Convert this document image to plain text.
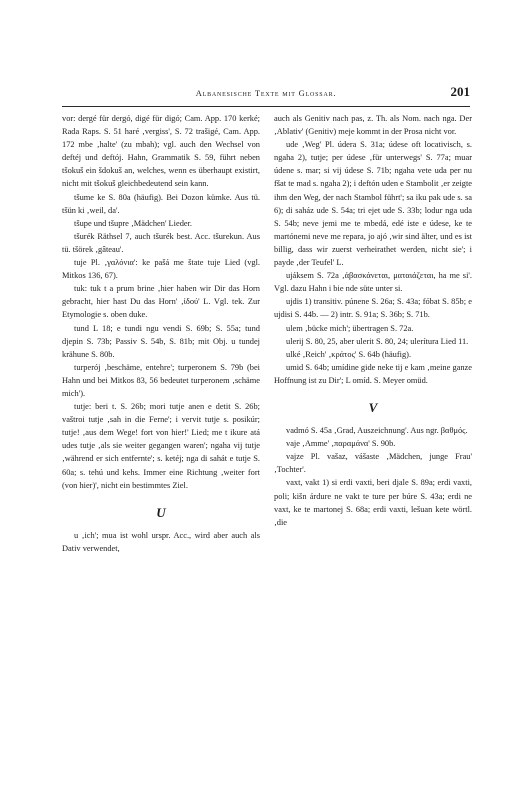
Albanesische Texte mit Glossar.	201

vor: dergé für dergó, digé für digó; Cam. App. 170 kerké; Rada Raps. S. 51 haré ‚vergiss', S. 72 trašigé, Cam. App. 172 mbe ‚halte' (zu mbah); vgl. auch den Wechsel von deftéj und deftój. Hahn, Grammatik S. 59, führt neben tšokuš ein šdokuš an, welches, wenn es überhaupt existirt, nicht mit tšokuš gleichbedeutend sein kann.

tšume ke S. 80a (häufig). Bei Dozon kümke. Aus tü. tšün ki ‚weil, da'.

tšupe und tšupre ‚Mädchen' Lieder.

tšurék Räthsel 7, auch tšurék best. Acc. tšurekun. Aus tü. tšörek ‚gâteau'.

tuje Pl. ‚γαλόνια': ke pašá me štate tuje Lied (vgl. Mitkos 136, 67).

tuk: tuk t a prum brine ‚hier haben wir Dir das Horn gebracht, hier hast Du das Horn' ‚ἰδού' L. Vgl. tek. Zur Etymologie s. oben duke.

tund L 18; e tundi ngu vendi S. 69b; S. 55a; tund djepin S. 73b; Passiv S. 54b, S. 81b; mit Obj. u tundej krähune S. 80b.

turperój ‚beschäme, entehre'; turperonem S. 79b (bei Hahn und bei Mitkos 83, 56 bedeutet turperonem ‚schäme mich').

tutje: beri t. S. 26b; mori tutje anen e detit S. 26b; vaštroi tutje ‚sah in die Ferne'; i vervit tutje s. posikúr; tutje! ‚aus dem Wege! fort von hier!' Lied; me t ikure atá udes tutje ‚als sie weiter gegangen waren'; ngaha vij tutje ‚während er sich entfernte'; s. ketéj; nga di sahát e tutje S. 60a; s. tehú und kehs. Immer eine Richtung ‚weiter fort (von hier)', nicht ein bestimmtes Ziel.

U

u ‚ich'; mua ist wohl urspr. Acc., wird aber auch als Dativ verwendet,

auch als Genitiv nach pas, z. Th. als Nom. nach nga. Der ‚Ablativ' (Genitiv) meje kommt in der Prosa nicht vor.

ude ‚Weg' Pl. údera S. 31a; údese oft locativisch, s. ngaha 2), tutje; per údese ‚für unterwegs' S. 77a; muar údene s. mar; si vij údese S. 71b; ngaha vete uda per nu fšat te mad s. ngaha 2); i deftón uden e Stambolit ‚er zeigte ihm den Weg, der nach Stambol führt'; sa iku pak ude s. sa 6); di saház ude S. 54a; tri ejet ude S. 33b; lodur nga uda S. 54b; neve jemi me te mbedá, edé iste e údese, ke te martónemi neve me repara, jo ajó ‚wir sind älter, und es ist billig, dass wir zuerst verheirathet werden, nicht sie'; i payde ‚der Teufel' L.

ujáksem S. 72a ‚ἀβασκάνεται, ματαιάζεται, ha me si'. Vgl. dazu Hahn i bie nde süte unter si.

ujdis 1) transitiv. púnene S. 26a; S. 43a; fóbat S. 85b; e ujdisi S. 44b. — 2) intr. S. 91a; S. 36b; S. 71b.

ulem ‚bücke mich'; übertragen S. 72a.

ulerij S. 80, 25, aber ulerit S. 80, 24; ulerítura Lied 11.

ulké ‚Reich' ‚κράτος' S. 64b (häufig).

umid S. 64b; umídine gide neke tij e kam ‚meine ganze Hoffnung ist zu Dir'; L omíd. S. Meyer omüd.

V

vadmó S. 45a ‚Grad, Auszeichnung'. Aus ngr. βαθμός.

vaje ‚Amme' ‚παραμάνα' S. 90b.

vajze Pl. vašaz, vášaste ‚Mädchen, junge Frau' ‚Tochter'.

vaxt, vakt 1) si erdi vaxti, beri djale S. 89a; erdi vaxti, poli; kišn árdure ne vakt te ture per búre S. 43a; erdi ne vaxt, ke te martonej S. 68a; erdi vaxti, lešuan kete wörtl. ‚die
